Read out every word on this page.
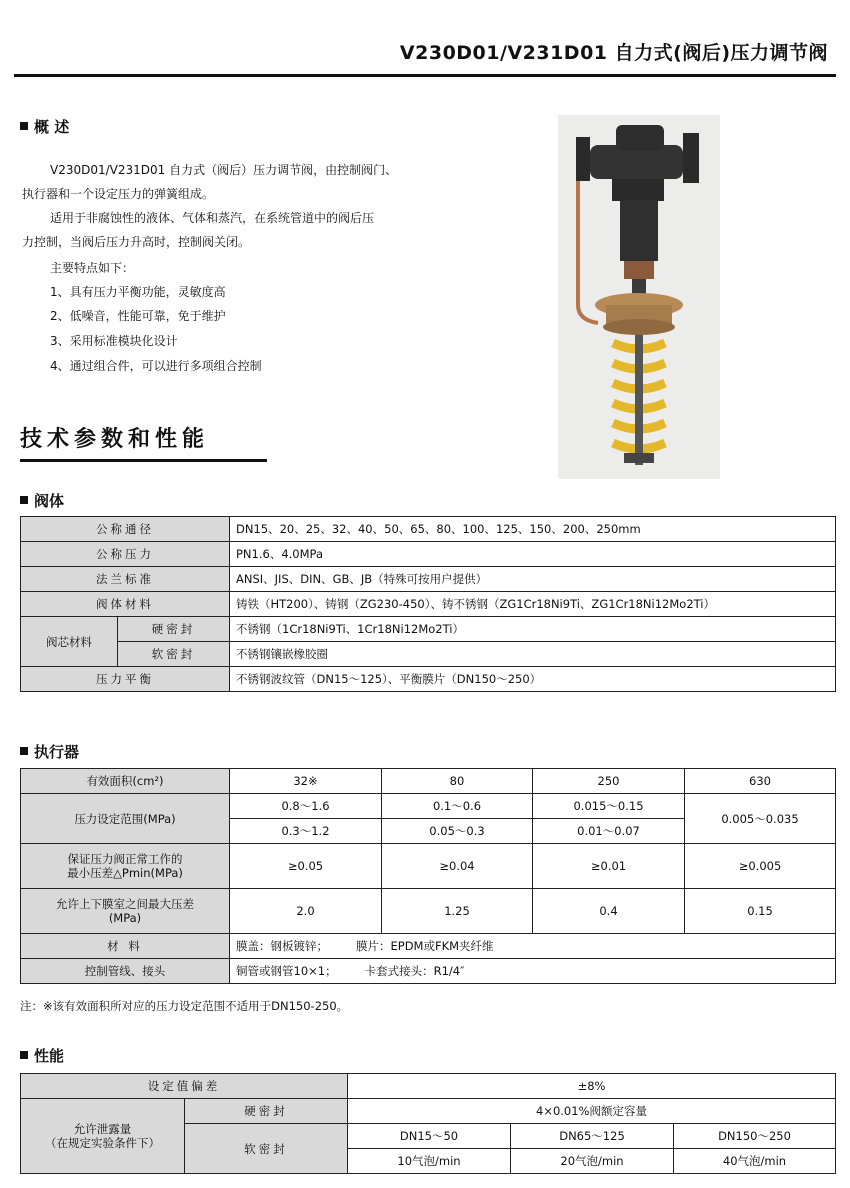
V230D01/V231D01 自力式(阀后)压力调节阀
概 述
V230D01/V231D01 自力式（阀后）压力调节阀，由控制阀门、
执行器和一个设定压力的弹簧组成。
适用于非腐蚀性的液体、气体和蒸汽，在系统管道中的阀后压
力控制，当阀后压力升高时，控制阀关闭。
主要特点如下：
1、具有压力平衡功能，灵敏度高
2、低噪音，性能可靠，免于维护
3、采用标准模块化设计
4、通过组合件，可以进行多项组合控制
技术参数和性能
阀体
公称通径		DN15、20、25、32、40、50、65、80、100、125、150、200、250mm
公称压力		PN1.6、4.0MPa
法兰标准		ANSI、JIS、DIN、GB、JB（特殊可按用户提供）
阀体材料		铸铁（HT200）、铸钢（ZG230-450）、铸不锈钢（ZG1Cr18Ni9Ti、ZG1Cr18Ni12Mo2Ti）
阀芯材料	硬密封	不锈钢（1Cr18Ni9Ti、1Cr18Ni12Mo2Ti）
	软密封	不锈钢镶嵌橡胶圈
压力平衡		不锈钢波纹管（DN15～125）、平衡膜片（DN150～250）
执行器
有效面积(cm²)	32※	80	250	630
压力设定范围(MPa)	0.8～1.6	0.1～0.6	0.015～0.15	0.005～0.035
	0.3～1.2	0.05～0.3	0.01～0.07	
保证压力阀正常工作的
最小压差△Pmin(MPa)	≥0.05	≥0.04	≥0.01	≥0.005
允许上下膜室之间最大压差
(MPa)	2.0	1.25	0.4	0.15
材 料	膜盖：钢板镀锌； 膜片：EPDM或FKM夹纤维			
控制管线、接头	铜管或钢管10×1； 卡套式接头：R1/4″			
注：※该有效面积所对应的压力设定范围不适用于DN150-250。
性能
设定值偏差		±8%		
允许泄露量
（在规定实验条件下）	硬密封	4×0.01%阀额定容量		
	软密封	DN15～50	DN65～125	DN150～250
		10气泡/min	20气泡/min	40气泡/min
